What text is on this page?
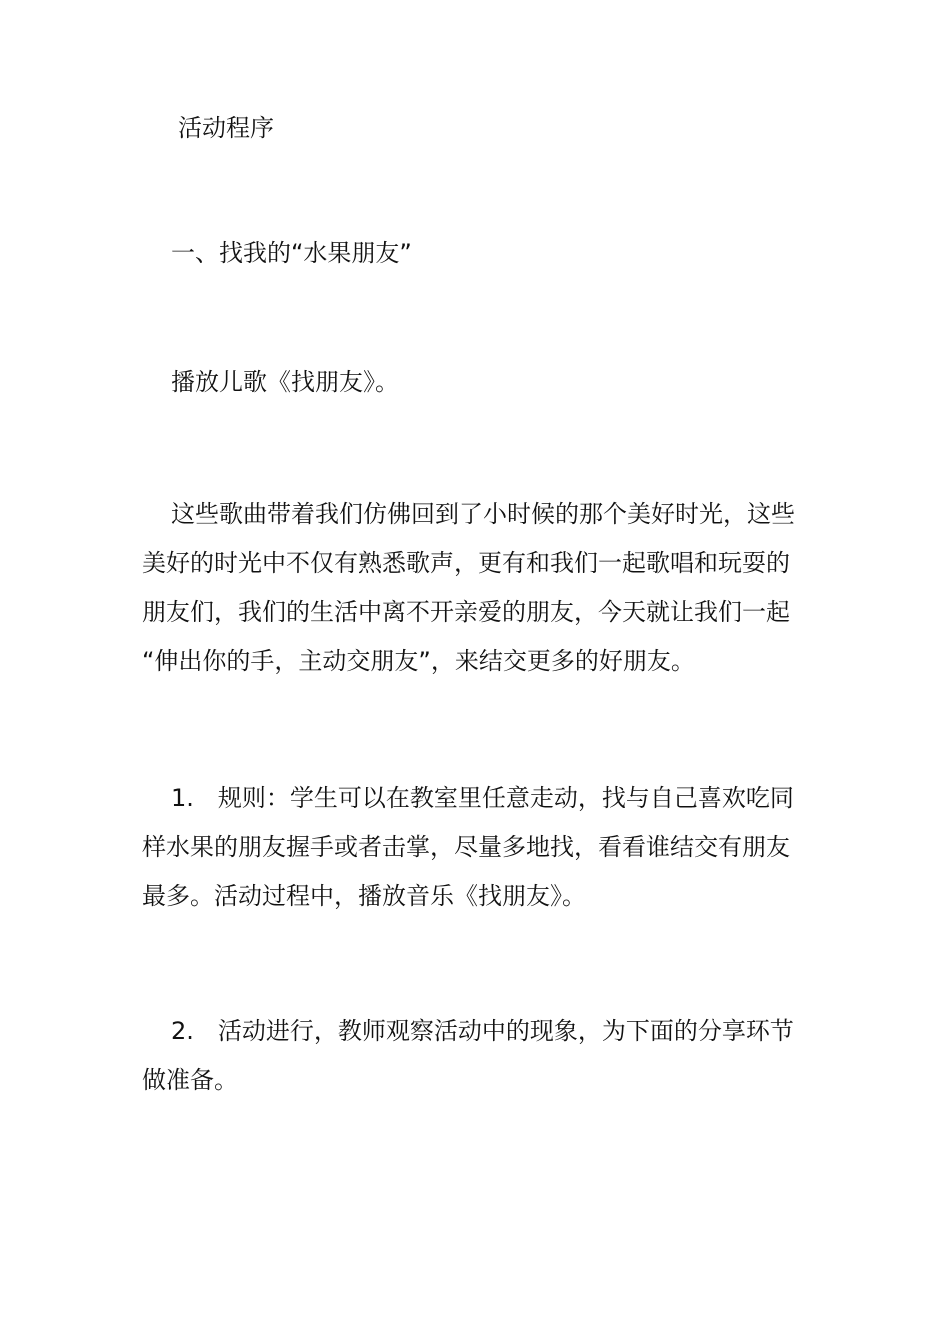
活动程序
一、找我的“水果朋友”
播放儿歌《找朋友》。
这些歌曲带着我们仿佛回到了小时候的那个美好时光，这些
美好的时光中不仅有熟悉歌声，更有和我们一起歌唱和玩耍的
朋友们，我们的生活中离不开亲爱的朋友，今天就让我们一起
“伸出你的手，主动交朋友”，来结交更多的好朋友。
1.　规则：学生可以在教室里任意走动，找与自己喜欢吃同
样水果的朋友握手或者击掌，尽量多地找，看看谁结交有朋友
最多。活动过程中，播放音乐《找朋友》。
2.　活动进行，教师观察活动中的现象，为下面的分享环节
做准备。
